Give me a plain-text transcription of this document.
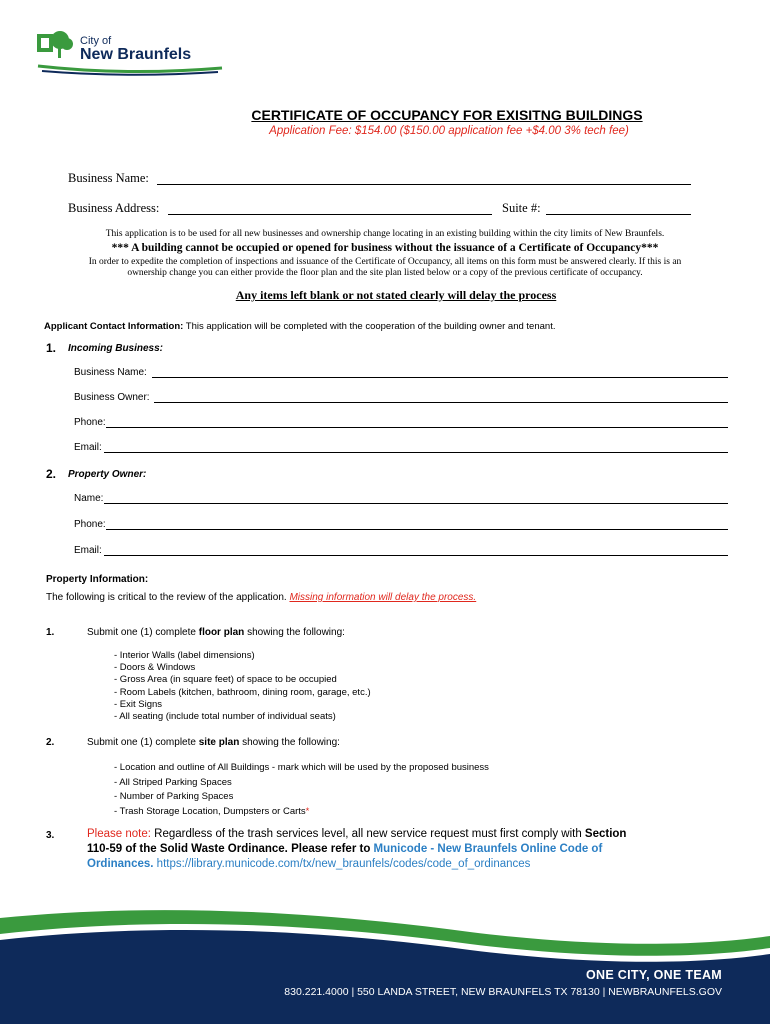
City of
New Braunfels
CERTIFICATE OF OCCUPANCY FOR EXISITNG BUILDINGS
Application Fee: $154.00 ($150.00 application fee +$4.00 3% tech fee)
Business Name:
Business Address:	Suite #:
This application is to be used for all new businesses and ownership change locating in an existing building within the city limits of New Braunfels.
*** A building cannot be occupied or opened for business without the issuance of a Certificate of Occupancy***
In order to expedite the completion of inspections and issuance of the Certificate of Occupancy, all items on this form must be answered clearly. If this is an
ownership change you can either provide the floor plan and the site plan listed below or a copy of the previous certificate of occupancy.
Any items left blank or not stated clearly will delay the process
Applicant Contact Information: This application will be completed with the cooperation of the building owner and tenant.
1. Incoming Business:
Business Name:
Business Owner:
Phone:
Email:
2. Property Owner:
Name:
Phone:
Email:
Property Information:
The following is critical to the review of the application. Missing information will delay the process.
1.	Submit one (1) complete floor plan showing the following:
- Interior Walls (label dimensions)
- Doors & Windows
- Gross Area (in square feet) of space to be occupied
- Room Labels (kitchen, bathroom, dining room, garage, etc.)
- Exit Signs
- All seating (include total number of individual seats)
2.	Submit one (1) complete site plan showing the following:
- Location and outline of All Buildings - mark which will be used by the proposed business
- All Striped Parking Spaces
- Number of Parking Spaces
- Trash Storage Location, Dumpsters or Carts*
3.	Please note: Regardless of the trash services level, all new service request must first comply with Section
110-59 of the Solid Waste Ordinance. Please refer to Municode - New Braunfels Online Code of
Ordinances. https://library.municode.com/tx/new_braunfels/codes/code_of_ordinances
ONE CITY, ONE TEAM
830.221.4000 | 550 LANDA STREET, NEW BRAUNFELS TX 78130 | NEWBRAUNFELS.GOV
